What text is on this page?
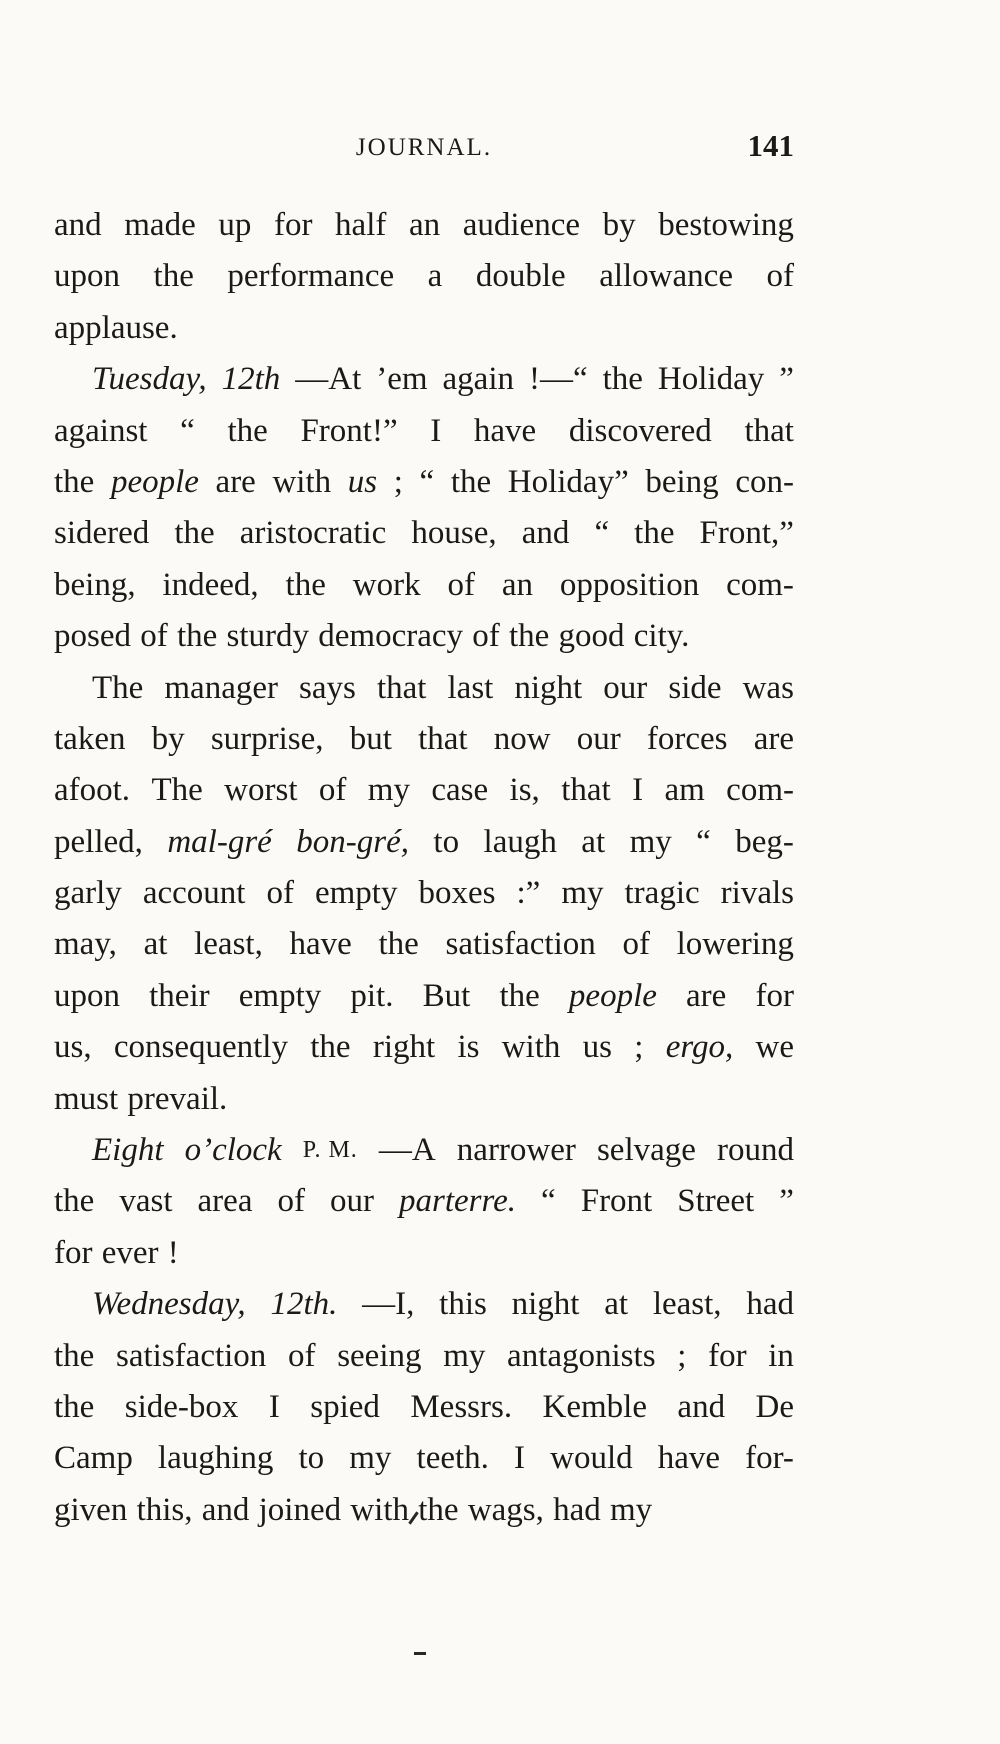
JOURNAL.	141
and made up for half an audience by bestowing
upon the performance a double allowance of
applause.
Tuesday, 12th —At ’em again !—“ the Holiday ”
against “ the Front!” I have discovered that
the people are with us ; “ the Holiday” being con-
sidered the aristocratic house, and “ the Front,”
being, indeed, the work of an opposition com-
posed of the sturdy democracy of the good city.
The manager says that last night our side was
taken by surprise, but that now our forces are
afoot. The worst of my case is, that I am com-
pelled, mal-gré bon-gré, to laugh at my “ beg-
garly account of empty boxes :” my tragic rivals
may, at least, have the satisfaction of lowering
upon their empty pit. But the people are for
us, consequently the right is with us ; ergo, we
must prevail.
Eight o’clock P. M. —A narrower selvage round
the vast area of our parterre. “ Front Street ”
for ever !
Wednesday, 12th. —I, this night at least, had
the satisfaction of seeing my antagonists ; for in
the side-box I spied Messrs. Kemble and De
Camp laughing to my teeth. I would have for-
given this, and joined with the wags, had my
